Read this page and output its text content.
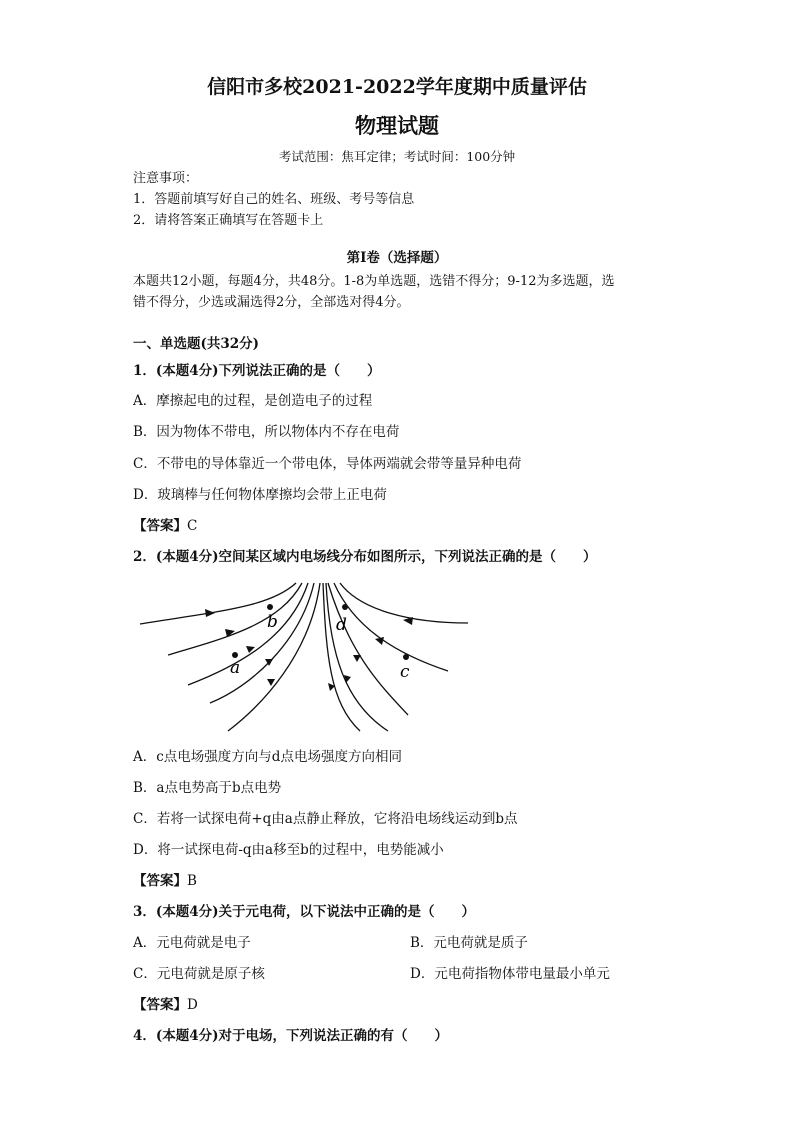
信阳市多校2021-2022学年度期中质量评估
物理试题
考试范围：焦耳定律；考试时间：100分钟
注意事项：
1．答题前填写好自己的姓名、班级、考号等信息
2．请将答案正确填写在答题卡上
第I卷（选择题）
本题共12小题，每题4分，共48分。1-8为单选题，选错不得分；9-12为多选题，选
错不得分，少选或漏选得2分，全部选对得4分。
一、单选题(共32分)
1．(本题4分)下列说法正确的是（　　）
A．摩擦起电的过程，是创造电子的过程
B．因为物体不带电，所以物体内不存在电荷
C．不带电的导体靠近一个带电体，导体两端就会带等量异种电荷
D．玻璃棒与任何物体摩擦均会带上正电荷
【答案】C
2．(本题4分)空间某区域内电场线分布如图所示，下列说法正确的是（　　）
a
b
c
d
A．c点电场强度方向与d点电场强度方向相同
B．a点电势高于b点电势
C．若将一试探电荷+q由a点静止释放，它将沿电场线运动到b点
D．将一试探电荷-q由a移至b的过程中，电势能减小
【答案】B
3．(本题4分)关于元电荷，以下说法中正确的是（　　）
A．元电荷就是电子	B．元电荷就是质子
C．元电荷就是原子核	D．元电荷指物体带电量最小单元
【答案】D
4．(本题4分)对于电场，下列说法正确的有（　　）
